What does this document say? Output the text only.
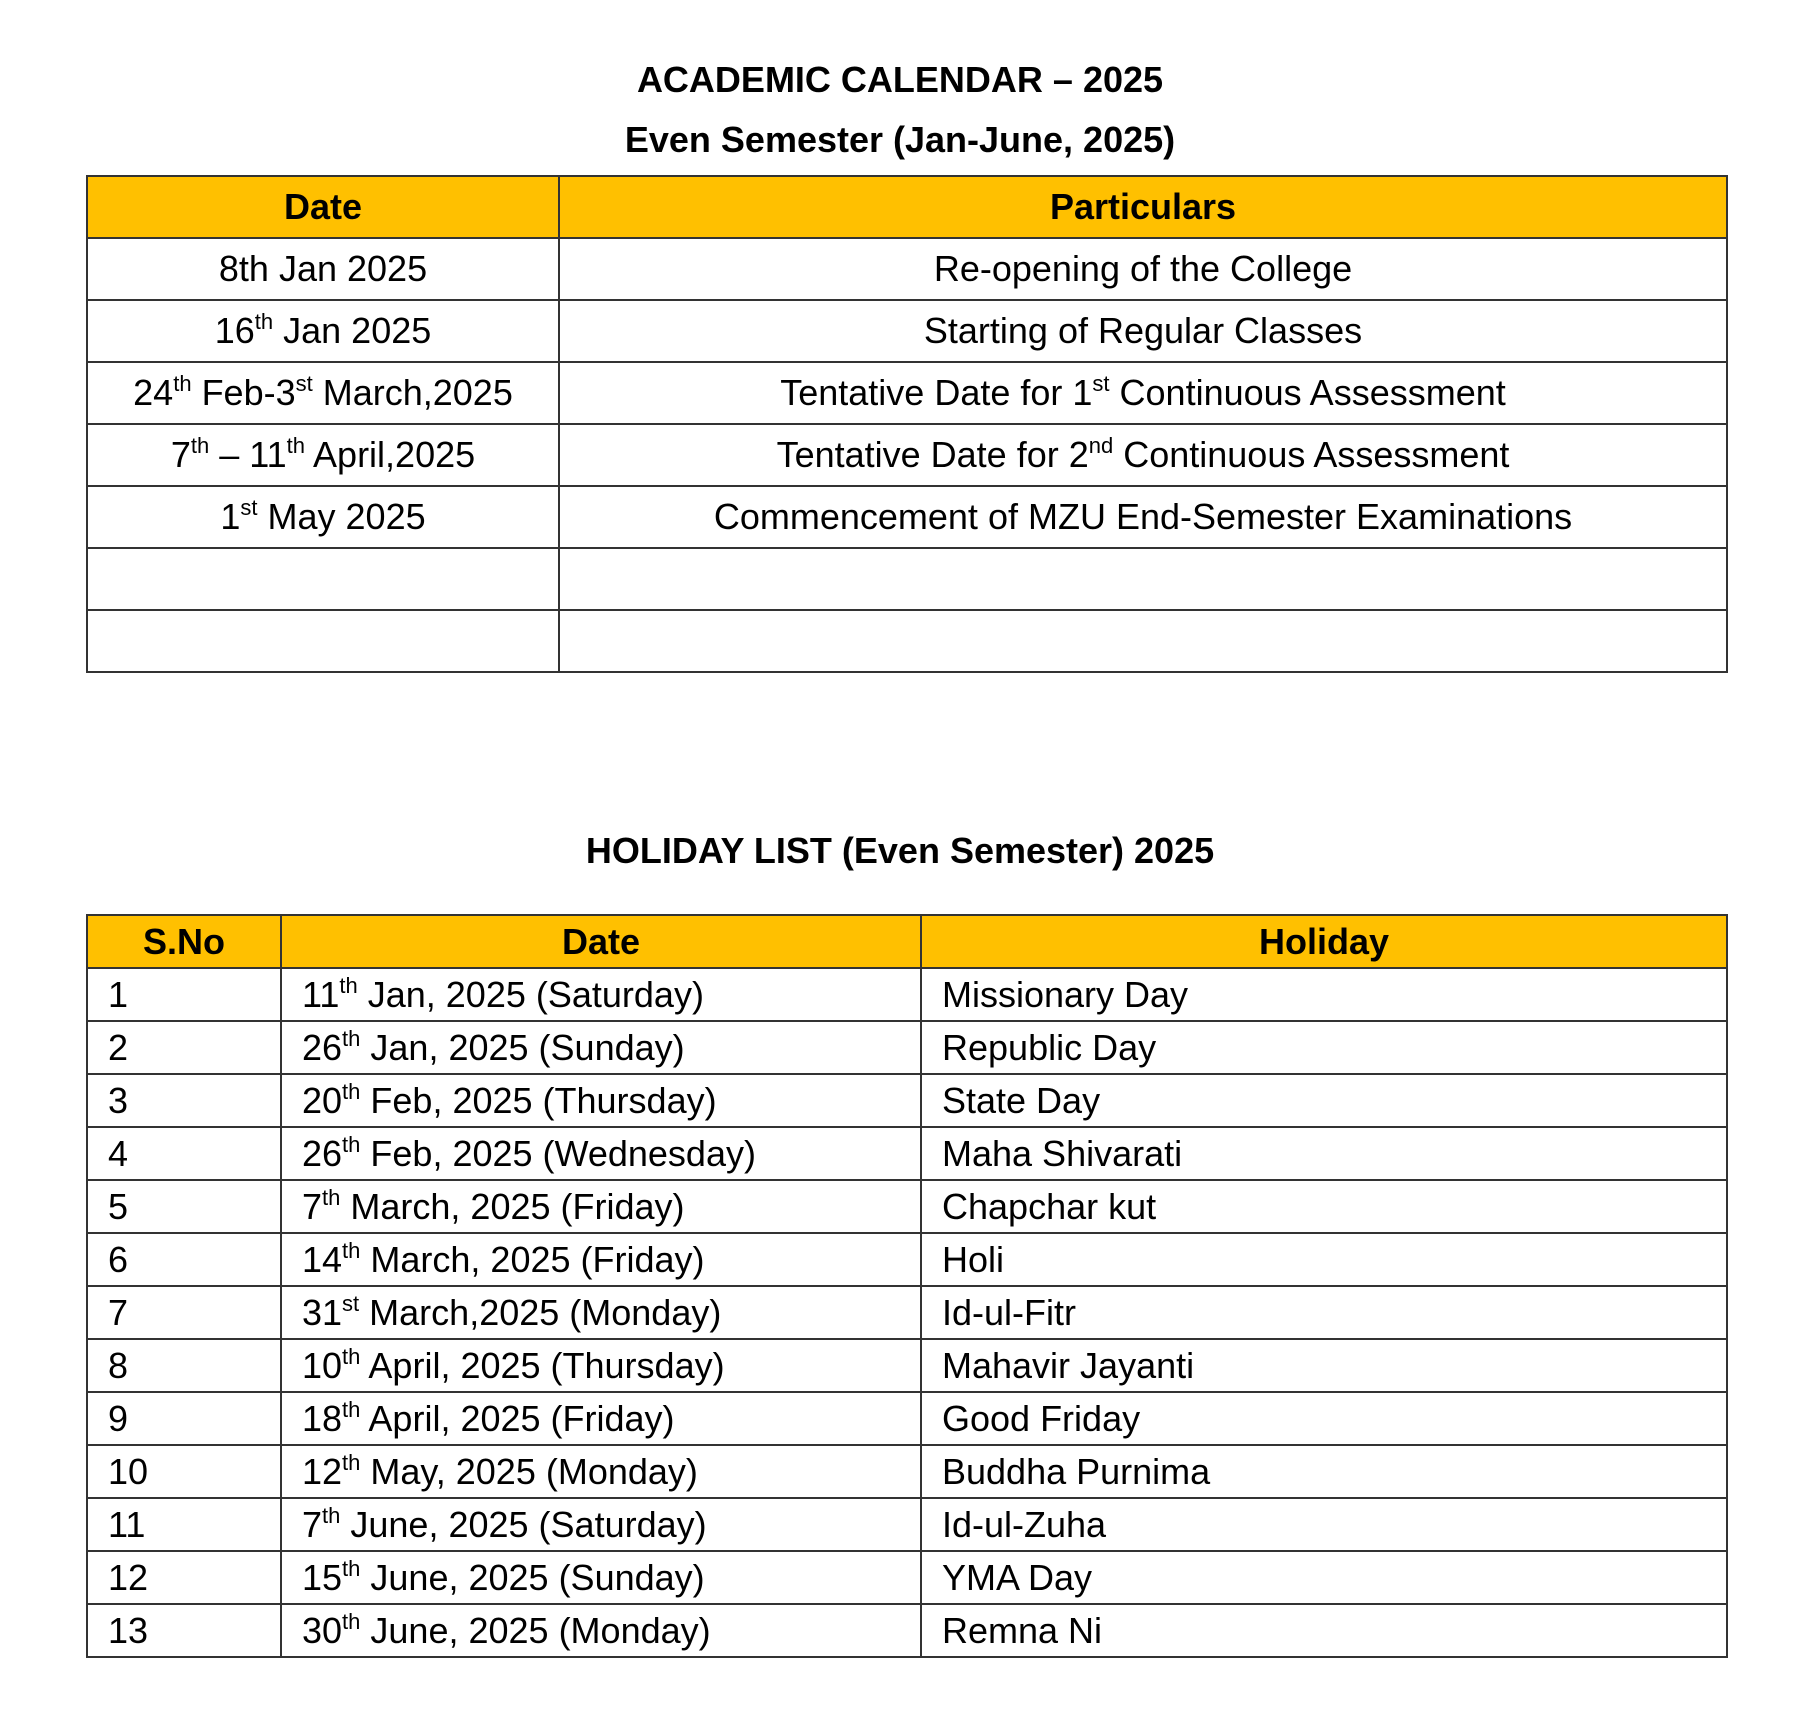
ACADEMIC CALENDAR – 2025
Even Semester (Jan-June, 2025)
Date	Particulars
8th Jan 2025	Re-opening of the College
16th Jan 2025	Starting of Regular Classes
24th Feb-3st March,2025	Tentative Date for 1st Continuous Assessment
7th – 11th April,2025	Tentative Date for 2nd Continuous Assessment
1st May 2025	Commencement of MZU End-Semester Examinations

HOLIDAY LIST (Even Semester) 2025
S.No	Date	Holiday
1	11th Jan, 2025 (Saturday)	Missionary Day
2	26th Jan, 2025 (Sunday)	Republic Day
3	20th Feb, 2025 (Thursday)	State Day
4	26th Feb, 2025 (Wednesday)	Maha Shivarati
5	7th March, 2025 (Friday)	Chapchar kut
6	14th March, 2025 (Friday)	Holi
7	31st March,2025 (Monday)	Id-ul-Fitr
8	10th April, 2025 (Thursday)	Mahavir Jayanti
9	18th April, 2025 (Friday)	Good Friday
10	12th May, 2025 (Monday)	Buddha Purnima
11	7th June, 2025 (Saturday)	Id-ul-Zuha
12	15th June, 2025 (Sunday)	YMA Day
13	30th June, 2025 (Monday)	Remna Ni
